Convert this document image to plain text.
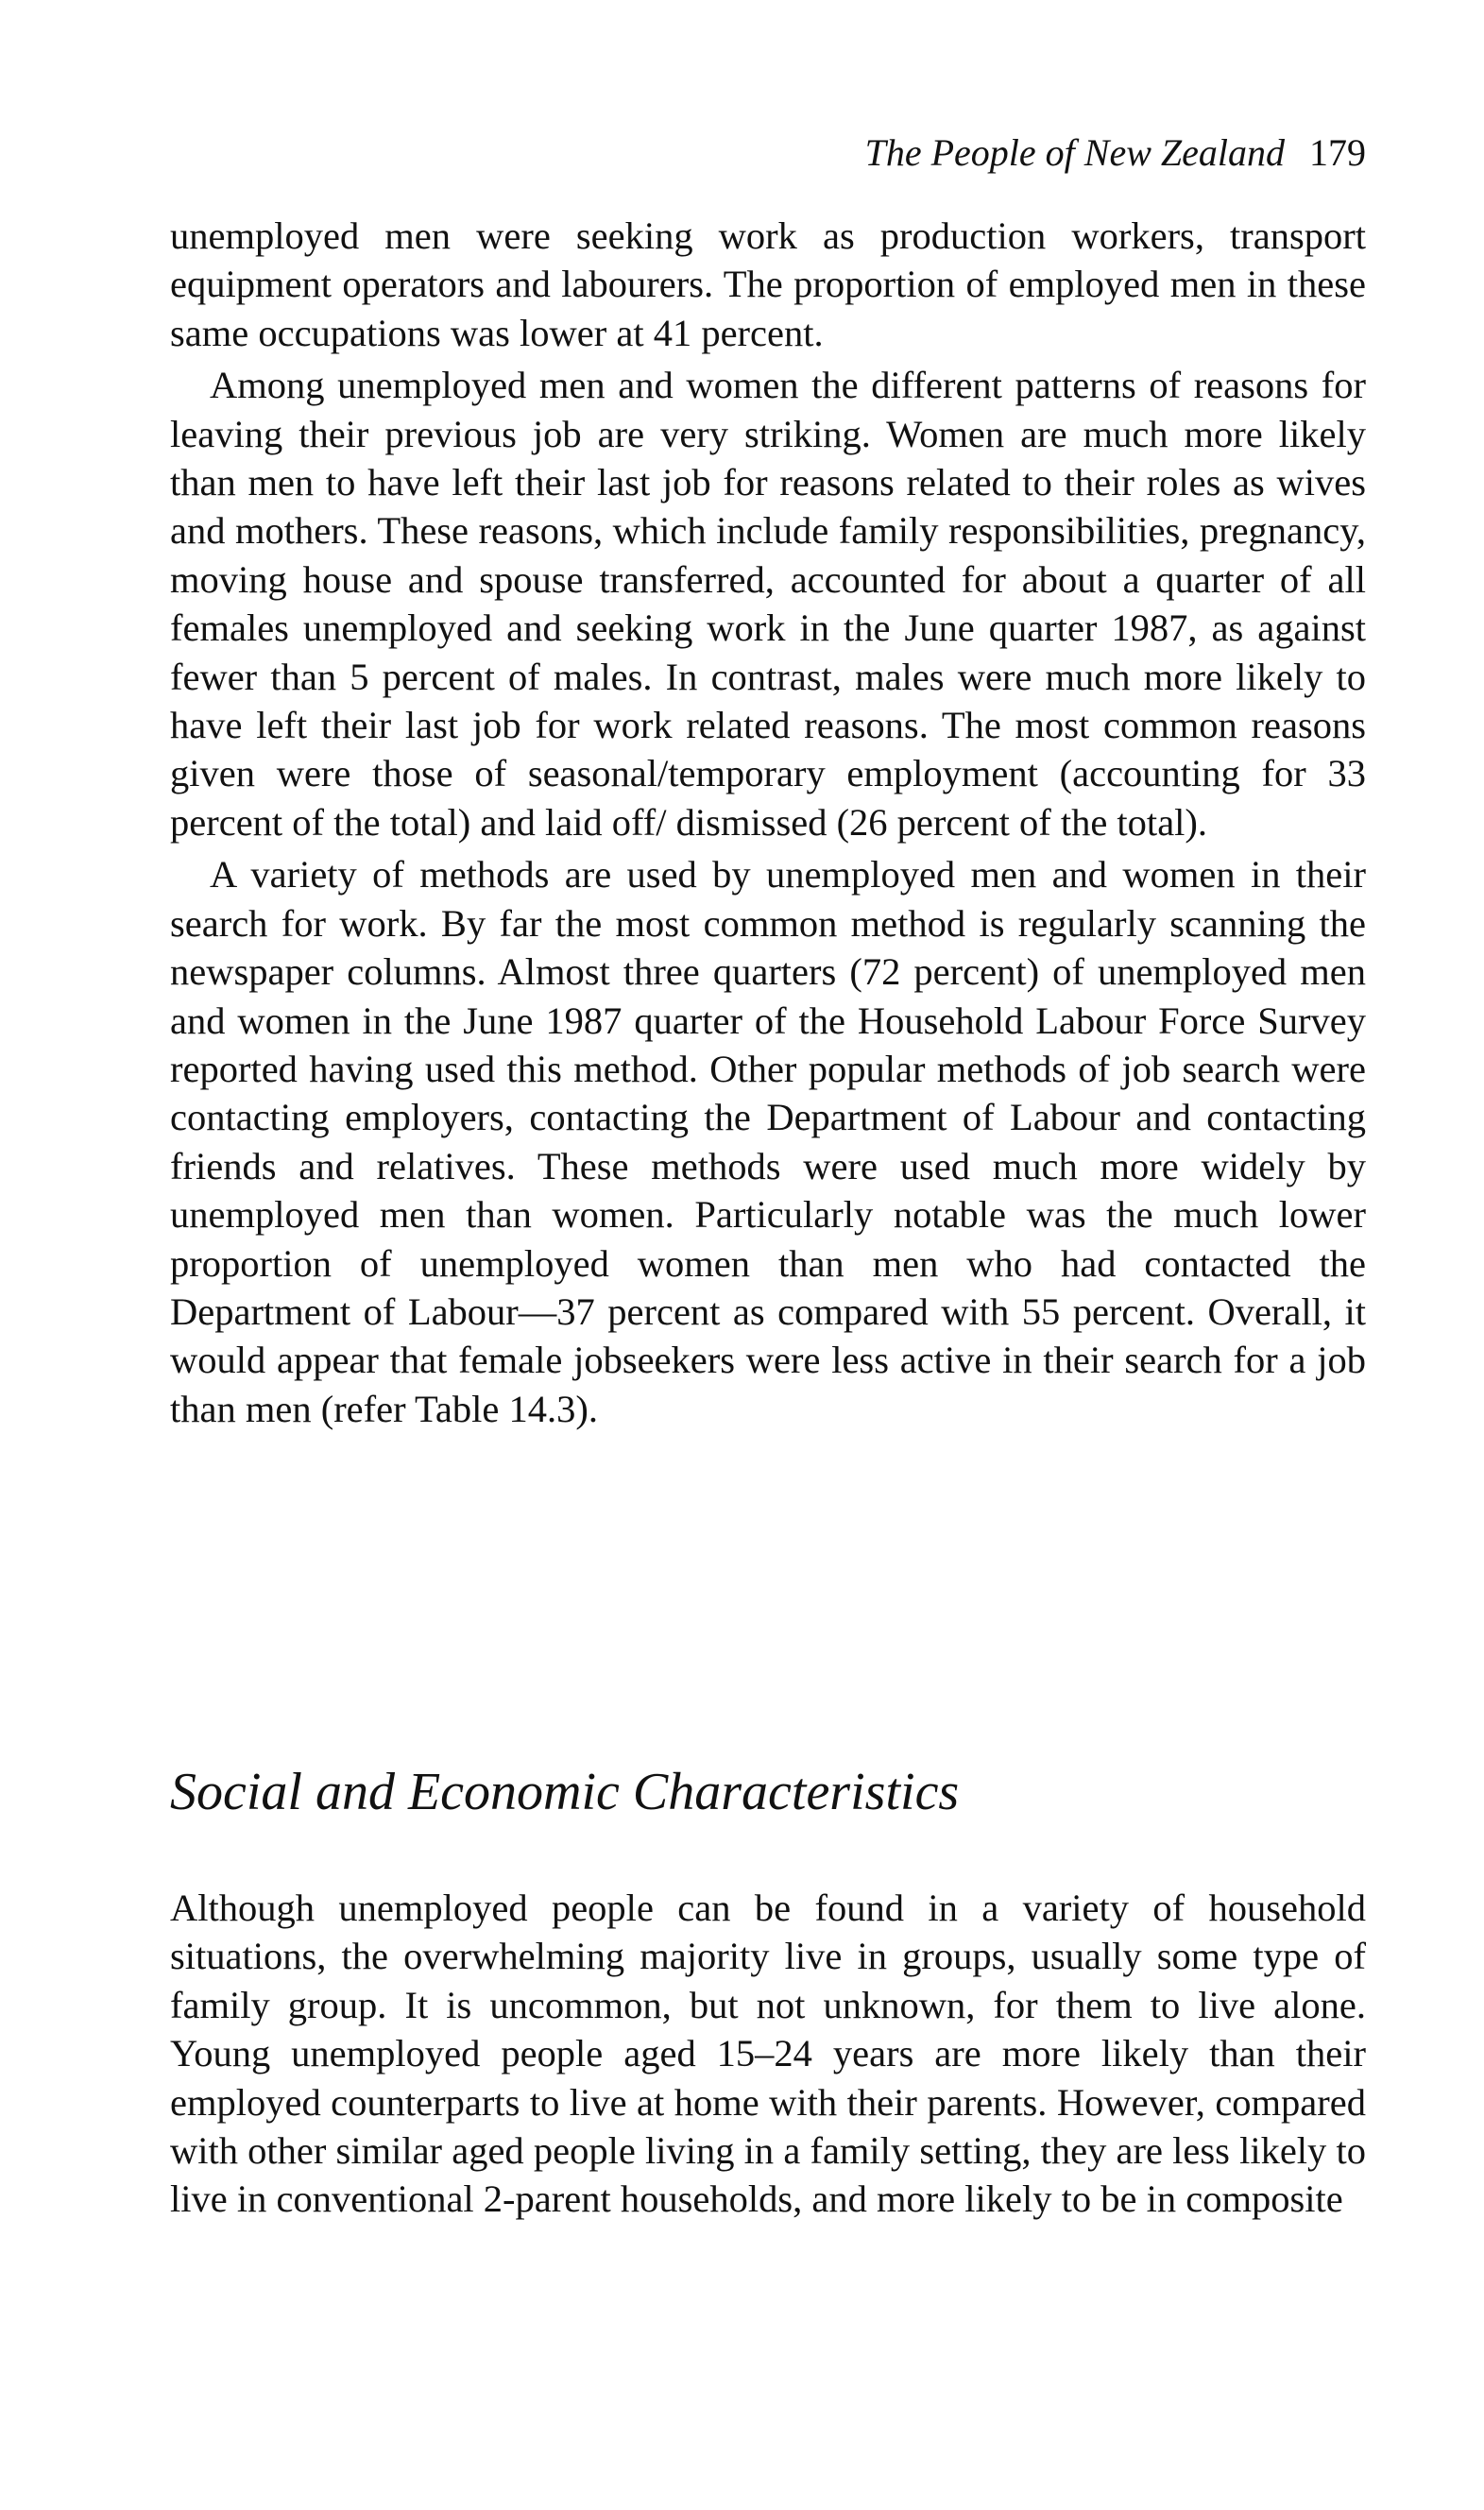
The People of New Zealand 179

unemployed men were seeking work as production workers, transport equipment operators and labourers. The proportion of employed men in these same occupations was lower at 41 percent.

Among unemployed men and women the different patterns of reasons for leaving their previous job are very striking. Women are much more likely than men to have left their last job for reasons related to their roles as wives and mothers. These reasons, which include family responsibilities, pregnancy, moving house and spouse transferred, accounted for about a quarter of all females unemployed and seeking work in the June quarter 1987, as against fewer than 5 percent of males. In contrast, males were much more likely to have left their last job for work related reasons. The most common reasons given were those of seasonal/temporary employment (accounting for 33 percent of the total) and laid off/ dismissed (26 percent of the total).

A variety of methods are used by unemployed men and women in their search for work. By far the most common method is regularly scanning the newspaper columns. Almost three quarters (72 percent) of unemployed men and women in the June 1987 quarter of the Household Labour Force Survey reported having used this method. Other popular methods of job search were contacting employers, contacting the Department of Labour and contacting friends and relatives. These methods were used much more widely by unemployed men than women. Particularly notable was the much lower proportion of unemployed women than men who had contacted the Department of Labour—37 percent as compared with 55 percent. Overall, it would appear that female jobseekers were less active in their search for a job than men (refer Table 14.3).

Social and Economic Characteristics

Although unemployed people can be found in a variety of household situations, the overwhelming majority live in groups, usually some type of family group. It is uncommon, but not unknown, for them to live alone. Young unemployed people aged 15–24 years are more likely than their employed counterparts to live at home with their parents. However, compared with other similar aged people living in a family setting, they are less likely to live in conventional 2-parent households, and more likely to be in composite
